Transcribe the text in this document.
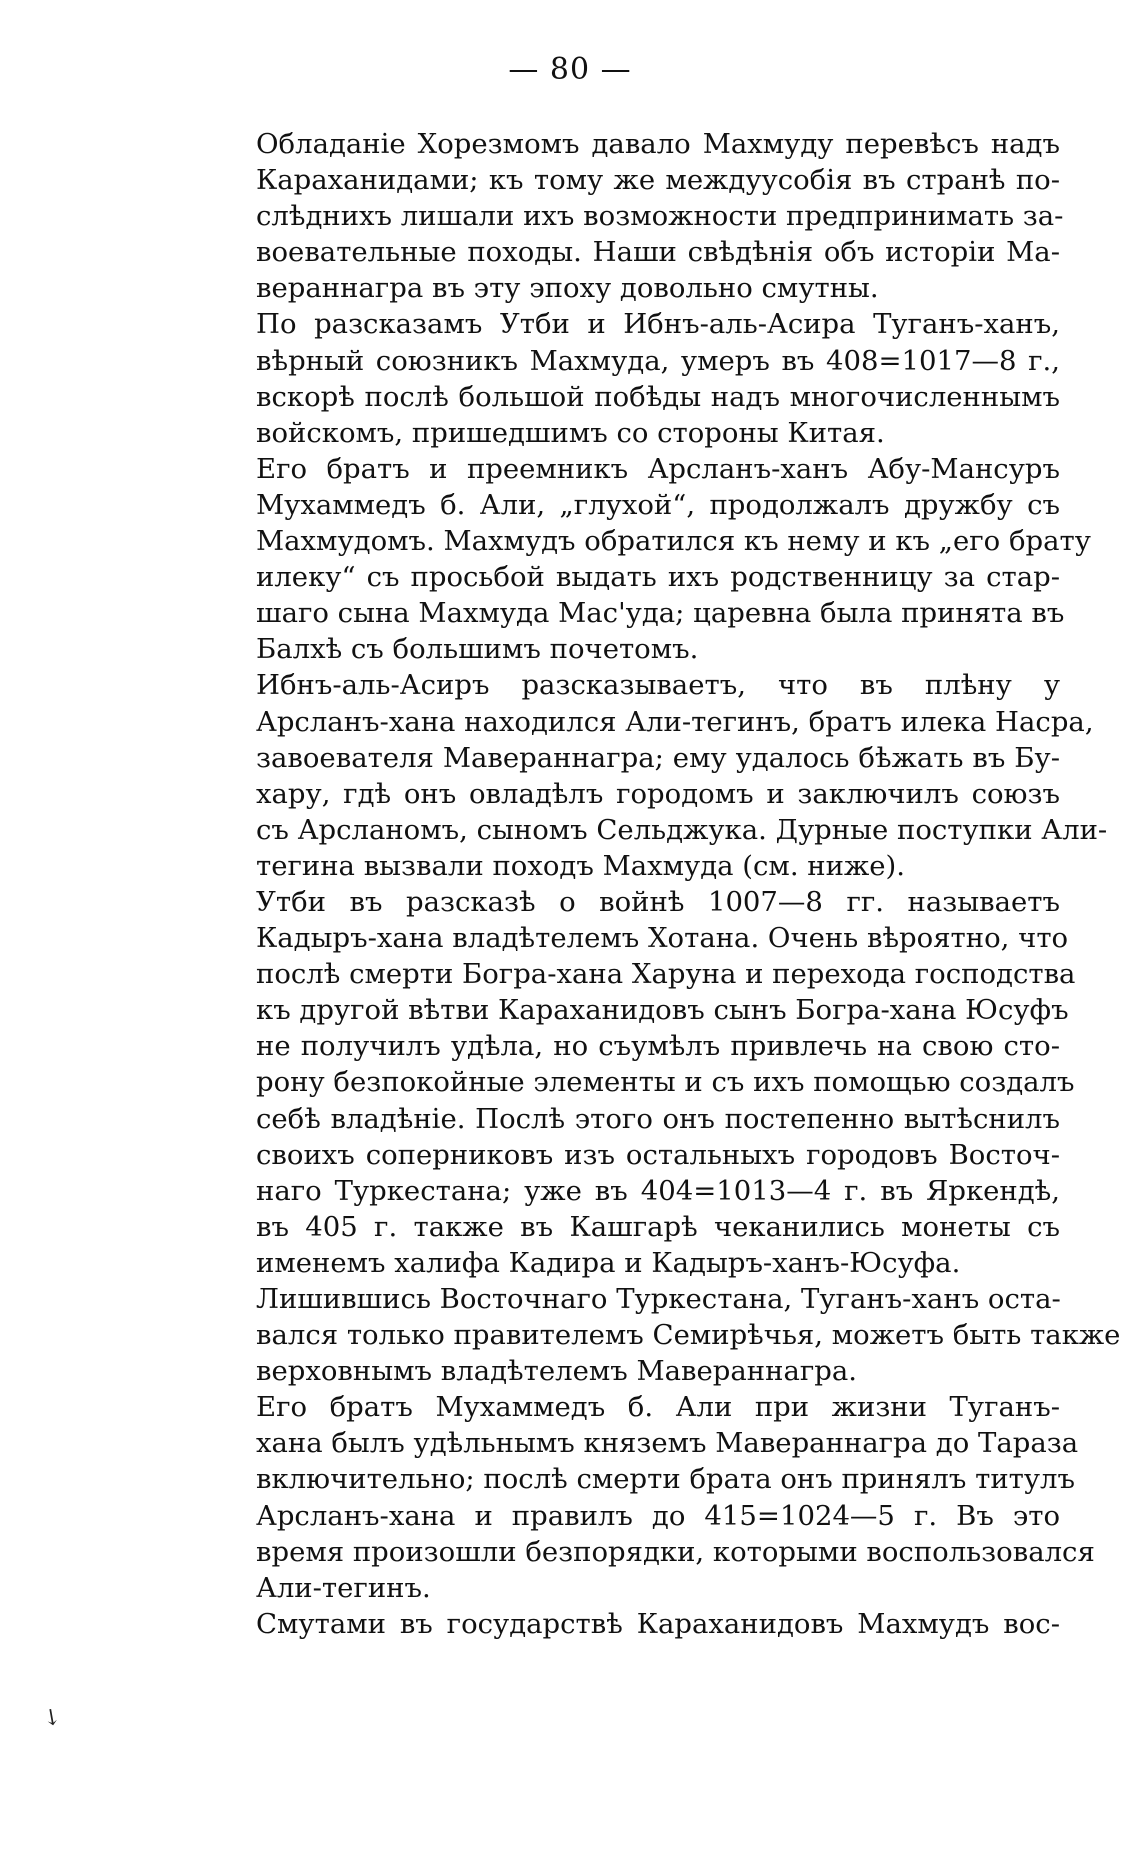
— 80 —
Обладаніе Хорезмомъ давало Махмуду перевѣсъ надъ
Караханидами; къ тому же междуусобія въ странѣ по-
слѣднихъ лишали ихъ возможности предпринимать за-
воевательные походы. Наши свѣдѣнія объ исторіи Ма-
вераннагра въ эту эпоху довольно смутны.
По разсказамъ Утби и Ибнъ-аль-Асира Туганъ-ханъ,
вѣрный союзникъ Махмуда, умеръ въ 408=1017—8 г.,
вскорѣ послѣ большой побѣды надъ многочисленнымъ
войскомъ, пришедшимъ со стороны Китая.
Его братъ и преемникъ Арсланъ-ханъ Абу-Мансуръ
Мухаммедъ б. Али, „глухой“, продолжалъ дружбу съ
Махмудомъ. Махмудъ обратился къ нему и къ „его брату
илеку“ съ просьбой выдать ихъ родственницу за стар-
шаго сына Махмуда Мас'уда; царевна была принята въ
Балхѣ съ большимъ почетомъ.
Ибнъ-аль-Асиръ разсказываетъ, что въ плѣну у
Арсланъ-хана находился Али-тегинъ, братъ илека Насра,
завоевателя Мавераннагра; ему удалось бѣжать въ Бу-
хару, гдѣ онъ овладѣлъ городомъ и заключилъ союзъ
съ Арсланомъ, сыномъ Сельджука. Дурные поступки Али-
тегина вызвали походъ Махмуда (см. ниже).
Утби въ разсказѣ о войнѣ 1007—8 гг. называетъ
Кадыръ-хана владѣтелемъ Хотана. Очень вѣроятно, что
послѣ смерти Богра-хана Харуна и перехода господства
къ другой вѣтви Караханидовъ сынъ Богра-хана Юсуфъ
не получилъ удѣла, но съумѣлъ привлечь на свою сто-
рону безпокойные элементы и съ ихъ помощью создалъ
себѣ владѣніе. Послѣ этого онъ постепенно вытѣснилъ
своихъ соперниковъ изъ остальныхъ городовъ Восточ-
наго Туркестана; уже въ 404=1013—4 г. въ Яркендѣ,
въ 405 г. также въ Кашгарѣ чеканились монеты съ
именемъ халифа Кадира и Кадыръ-ханъ-Юсуфа.
Лишившись Восточнаго Туркестана, Туганъ-ханъ оста-
вался только правителемъ Семирѣчья, можетъ быть также
верховнымъ владѣтелемъ Мавераннагра.
Его братъ Мухаммедъ б. Али при жизни Туганъ-
хана былъ удѣльнымъ княземъ Мавераннагра до Тараза
включительно; послѣ смерти брата онъ принялъ титулъ
Арсланъ-хана и правилъ до 415=1024—5 г. Въ это
время произошли безпорядки, которыми воспользовался
Али-тегинъ.
Смутами въ государствѣ Караханидовъ Махмудъ вос-
↘
